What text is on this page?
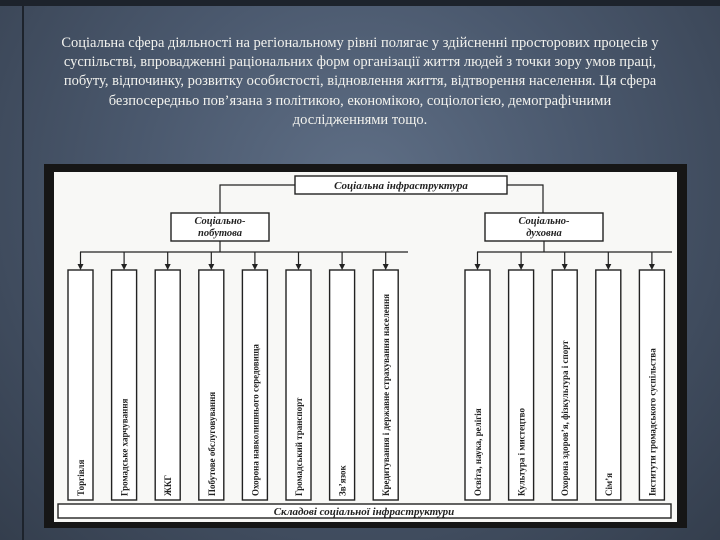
Соціальна сфера діяльності на регіональному рівні полягає у здійсненні просторових процесів у суспільстві, впровадженні раціональних форм організації життя людей з точки зору умов праці, побуту, відпочинку, розвитку особистості, відновлення життя, відтворення населення. Ця сфера безпосередньо пов’язана з політикою, економікою, соціологією, демографічними дослідженнями тощо.
Соціальна інфраструктура
Соціально-
побутова
Соціально-
духовна
Складові соціальної інфраструктури
Торгівля	Громадське харчування	ЖКГ	Побутове обслуговування	Охорона навколишнього середовища	Громадський транспорт	Зв’язок	Кредитування і державне страхування населення	Освіта, наука, релігія	Культура і мистецтво	Охорона здоров’я, фізкультура і спорт	Сім’я	Інститути громадського суспільства
